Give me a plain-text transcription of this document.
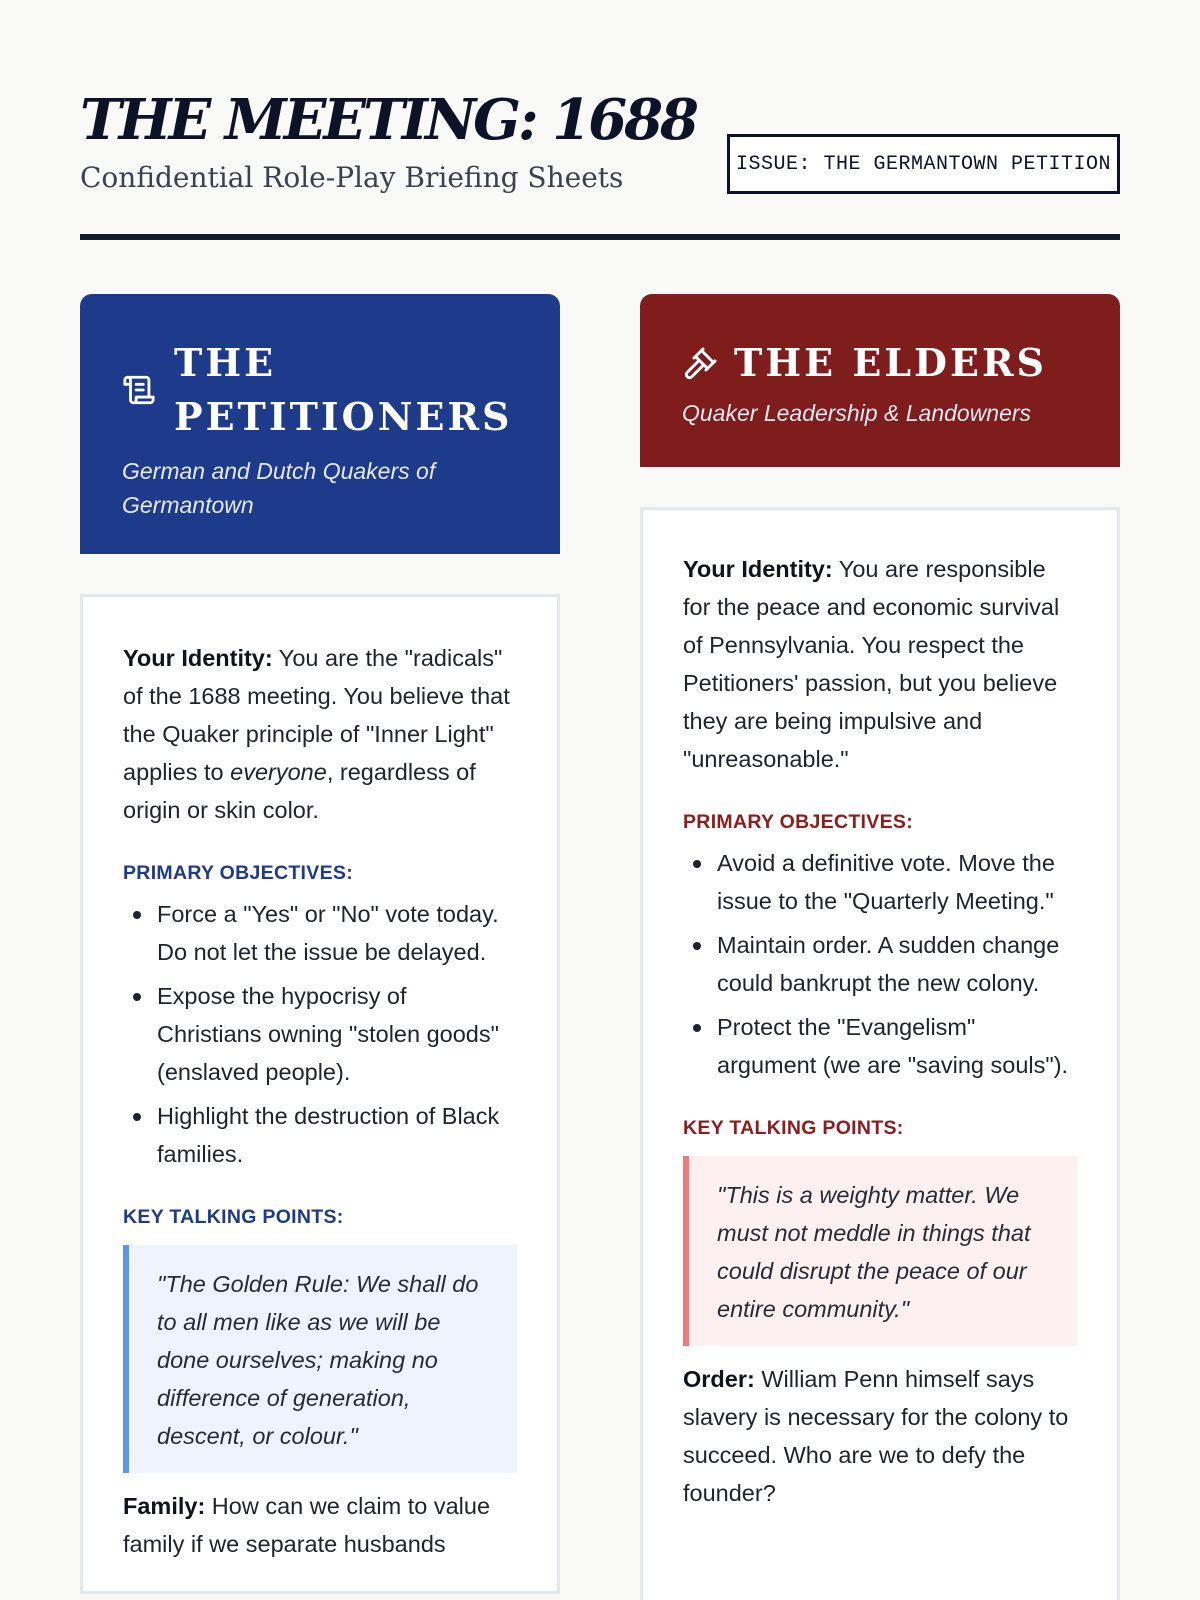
THE MEETING: 1688
Confidential Role-Play Briefing Sheets	ISSUE: THE GERMANTOWN PETITION
THE PETITIONERS
German and Dutch Quakers of Germantown

Your Identity: You are the "radicals" of the 1688 meeting. You believe that the Quaker principle of "Inner Light" applies to everyone, regardless of origin or skin color.

PRIMARY OBJECTIVES:
Force a "Yes" or "No" vote today. Do not let the issue be delayed.
Expose the hypocrisy of Christians owning "stolen goods" (enslaved people).
Highlight the destruction of Black families.
KEY TALKING POINTS:
"The Golden Rule: We shall do to all men like as we will be done ourselves; making no difference of generation, descent, or colour."

Family: How can we claim to value family if we separate husbands

THE ELDERS
Quaker Leadership & Landowners

Your Identity: You are responsible for the peace and economic survival of Pennsylvania. You respect the Petitioners' passion, but you believe they are being impulsive and "unreasonable."

PRIMARY OBJECTIVES:
Avoid a definitive vote. Move the issue to the "Quarterly Meeting."
Maintain order. A sudden change could bankrupt the new colony.
Protect the "Evangelism" argument (we are "saving souls").
KEY TALKING POINTS:
"This is a weighty matter. We must not meddle in things that could disrupt the peace of our entire community."

Order: William Penn himself says slavery is necessary for the colony to succeed. Who are we to defy the founder?
